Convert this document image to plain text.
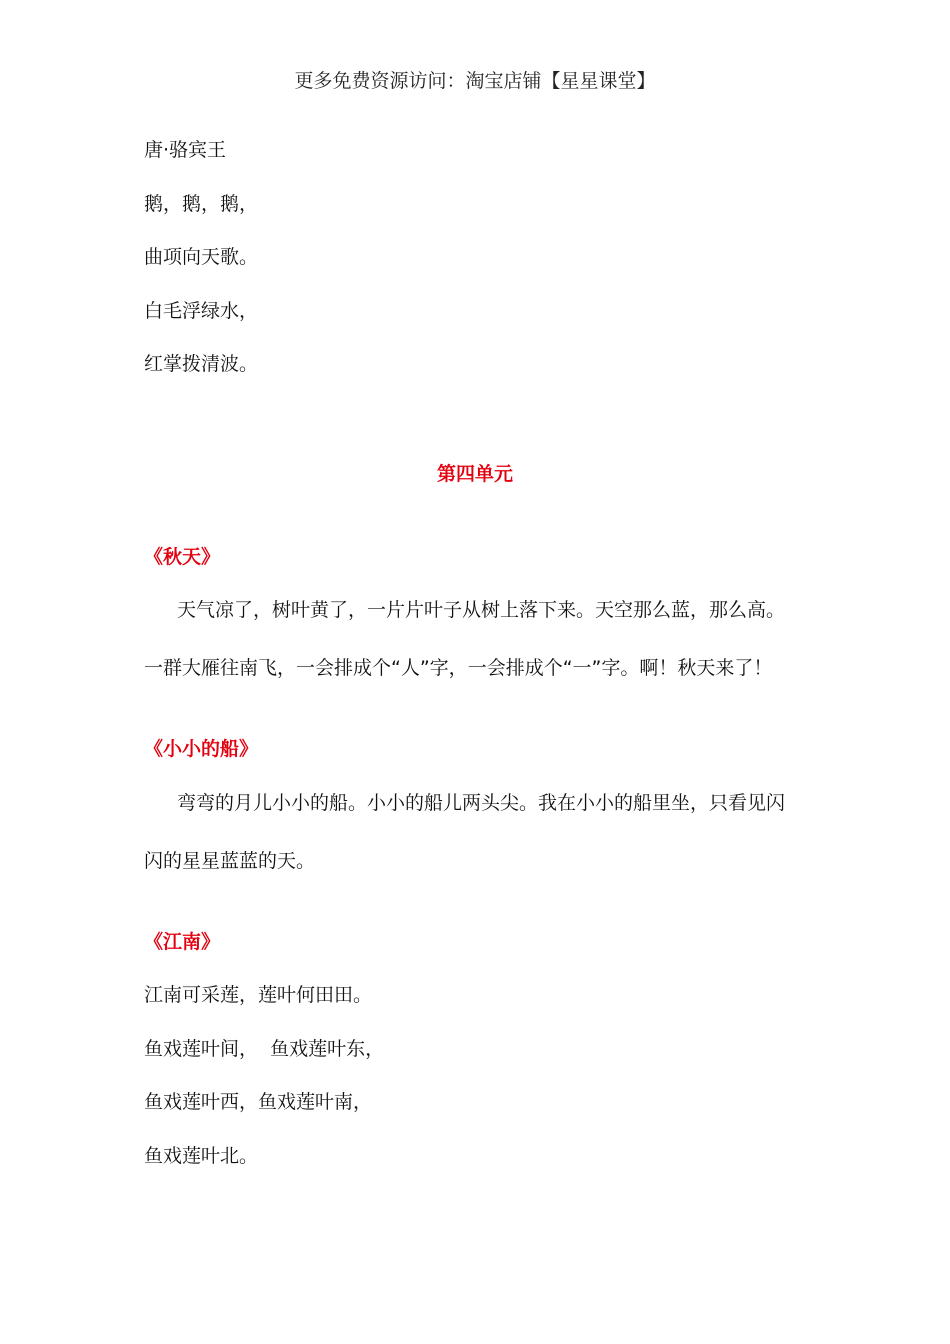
更多免费资源访问：淘宝店铺【星星课堂】
唐·骆宾王
鹅，鹅，鹅，
曲项向天歌。
白毛浮绿水，
红掌拨清波。
第四单元
《秋天》
天气凉了，树叶黄了，一片片叶子从树上落下来。天空那么蓝，那么高。
一群大雁往南飞，一会排成个“人”字，一会排成个“一”字。啊！秋天来了！
《小小的船》
弯弯的月儿小小的船。小小的船儿两头尖。我在小小的船里坐，只看见闪
闪的星星蓝蓝的天。
《江南》
江南可采莲，莲叶何田田。
鱼戏莲叶间，  鱼戏莲叶东，
鱼戏莲叶西，鱼戏莲叶南，
鱼戏莲叶北。
